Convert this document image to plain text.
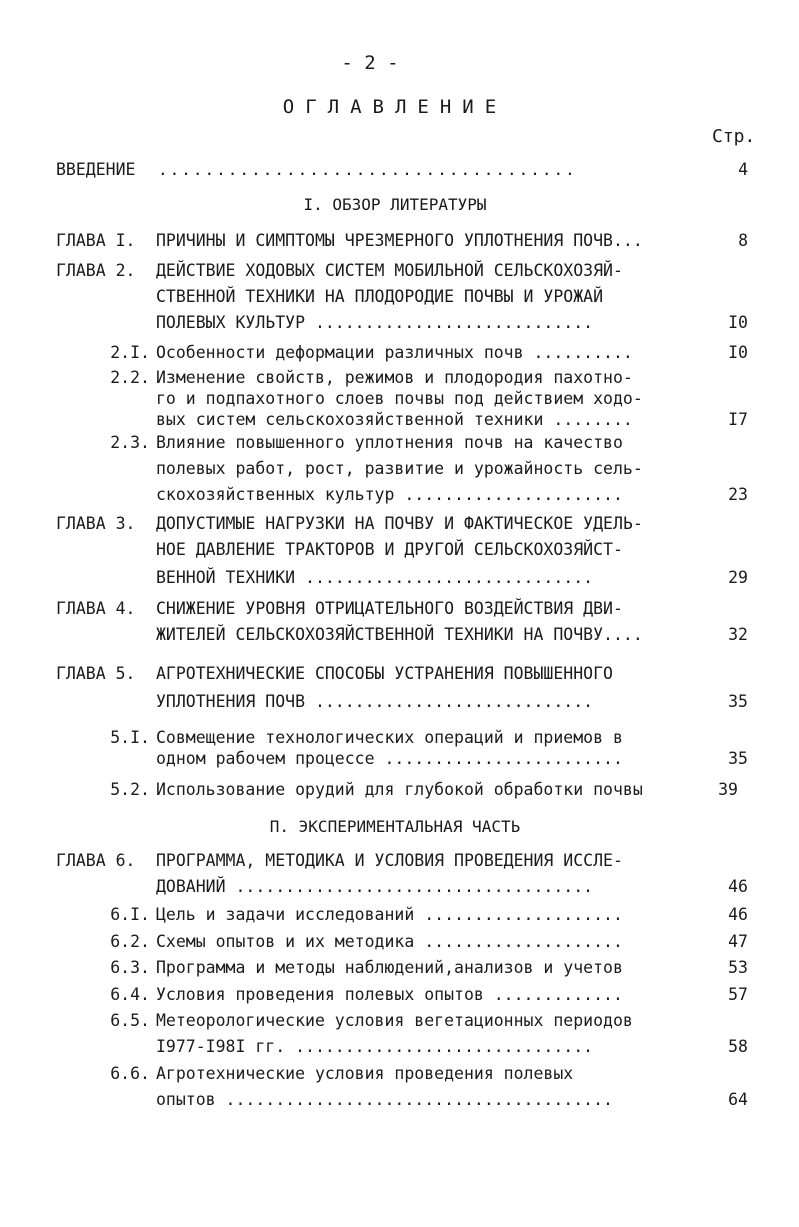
- 2 -
ОГЛАВЛЕНИЕ
Стр.
ВВЕДЕНИЕ ....................................	4
I. ОБЗОР ЛИТЕРАТУРЫ
ГЛАВА I. ПРИЧИНЫ И СИМПТОМЫ ЧРЕЗМЕРНОГО УПЛОТНЕНИЯ ПОЧВ...	8
ГЛАВА 2. ДЕЙСТВИЕ ХОДОВЫХ СИСТЕМ МОБИЛЬНОЙ СЕЛЬСКОХОЗЯЙ-
СТВЕННОЙ ТЕХНИКИ НА ПЛОДОРОДИЕ ПОЧВЫ И УРОЖАЙ
ПОЛЕВЫХ КУЛЬТУР ............................	I0
2.I. Особенности деформации различных почв ..........	I0
2.2. Изменение свойств, режимов и плодородия пахотно-
го и подпахотного слоев почвы под действием ходо-
вых систем сельскохозяйственной техники ........	I7
2.3. Влияние повышенного уплотнения почв на качество
полевых работ, рост, развитие и урожайность сель-
скохозяйственных культур ......................	23
ГЛАВА 3. ДОПУСТИМЫЕ НАГРУЗКИ НА ПОЧВУ И ФАКТИЧЕСКОЕ УДЕЛЬ-
НОЕ ДАВЛЕНИЕ ТРАКТОРОВ И ДРУГОЙ СЕЛЬСКОХОЗЯЙСТ-
ВЕННОЙ ТЕХНИКИ .............................	29
ГЛАВА 4. СНИЖЕНИЕ УРОВНЯ ОТРИЦАТЕЛЬНОГО ВОЗДЕЙСТВИЯ ДВИ-
ЖИТЕЛЕЙ СЕЛЬСКОХОЗЯЙСТВЕННОЙ ТЕХНИКИ НА ПОЧВУ....	32
ГЛАВА 5. АГРОТЕХНИЧЕСКИЕ СПОСОБЫ УСТРАНЕНИЯ ПОВЫШЕННОГО
УПЛОТНЕНИЯ ПОЧВ ............................	35
5.I. Совмещение технологических операций и приемов в
одном рабочем процессе ........................	35
5.2. Использование орудий для глубокой обработки почвы	39
П. ЭКСПЕРИМЕНТАЛЬНАЯ ЧАСТЬ
ГЛАВА 6. ПРОГРАММА, МЕТОДИКА И УСЛОВИЯ ПРОВЕДЕНИЯ ИССЛЕ-
ДОВАНИЙ ....................................	46
6.I. Цель и задачи исследований ....................	46
6.2. Схемы опытов и их методика ....................	47
6.3. Программа и методы наблюдений,анализов и учетов	53
6.4. Условия проведения полевых опытов .............	57
6.5. Метеорологические условия вегетационных периодов
I977-I98I гг. ..............................	58
6.6. Агротехнические условия проведения полевых
опытов .......................................	64
